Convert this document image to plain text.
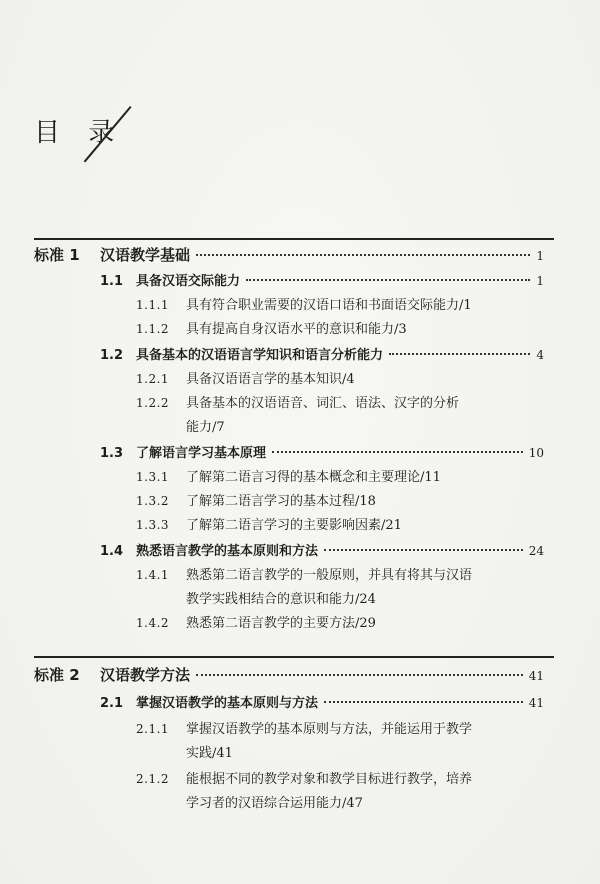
目 录
标准 1	汉语教学基础	1
1.1 具备汉语交际能力	1
1.1.1	具有符合职业需要的汉语口语和书面语交际能力/1
1.1.2	具有提高自身汉语水平的意识和能力/3
1.2 具备基本的汉语语言学知识和语言分析能力	4
1.2.1	具备汉语语言学的基本知识/4
1.2.2	具备基本的汉语语音、词汇、语法、汉字的分析
能力/7
1.3 了解语言学习基本原理	10
1.3.1	了解第二语言习得的基本概念和主要理论/11
1.3.2	了解第二语言学习的基本过程/18
1.3.3	了解第二语言学习的主要影响因素/21
1.4 熟悉语言教学的基本原则和方法	24
1.4.1	熟悉第二语言教学的一般原则，并具有将其与汉语
教学实践相结合的意识和能力/24
1.4.2	熟悉第二语言教学的主要方法/29
标准 2	汉语教学方法	41
2.1 掌握汉语教学的基本原则与方法	41
2.1.1	掌握汉语教学的基本原则与方法，并能运用于教学
实践/41
2.1.2	能根据不同的教学对象和教学目标进行教学，培养
学习者的汉语综合运用能力/47
